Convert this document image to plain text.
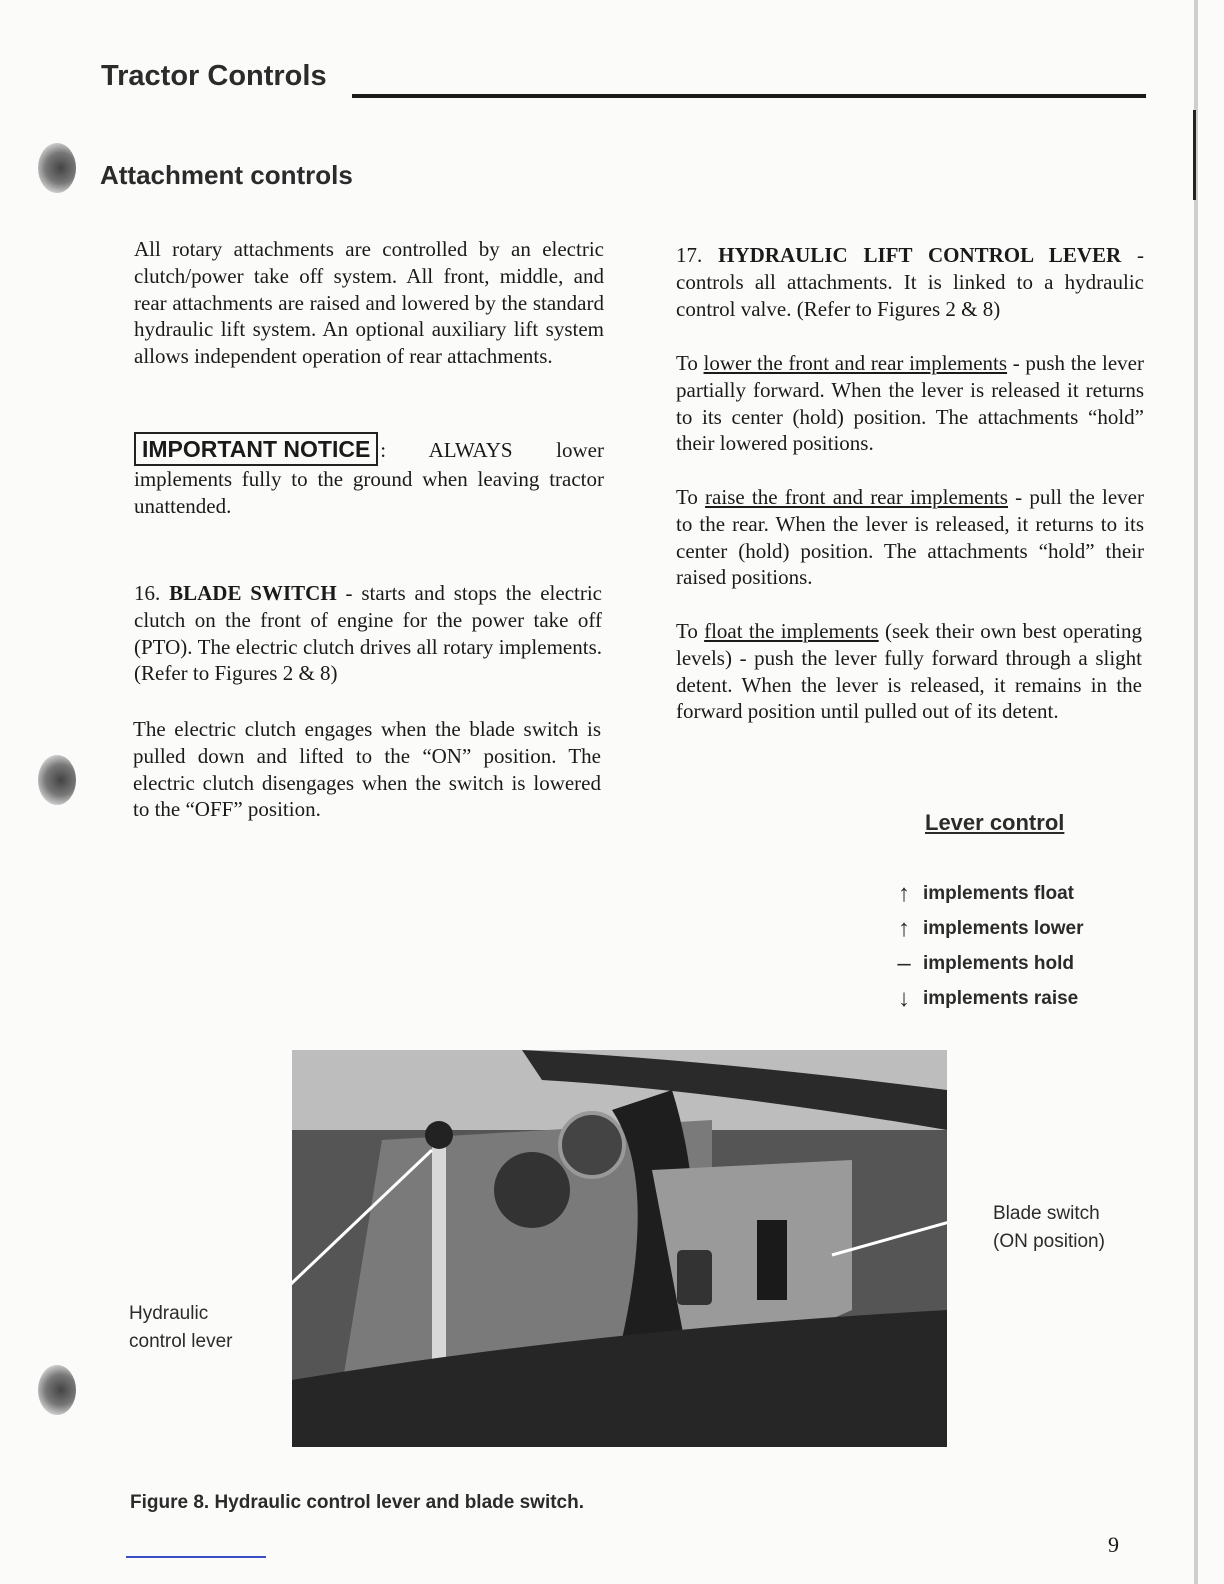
Tractor Controls
Attachment controls
All rotary attachments are controlled by an electric clutch/power take off system. All front, middle, and rear attachments are raised and lowered by the standard hydraulic lift system. An optional auxiliary lift system allows independent operation of rear attachments.
IMPORTANT NOTICE : ALWAYS lower implements fully to the ground when leaving tractor unattended.
16. BLADE SWITCH - starts and stops the electric clutch on the front of engine for the power take off (PTO). The electric clutch drives all rotary implements. (Refer to Figures 2 & 8)
The electric clutch engages when the blade switch is pulled down and lifted to the “ON” position. The electric clutch disengages when the switch is lowered to the “OFF” position.
17. HYDRAULIC LIFT CONTROL LEVER - controls all attachments. It is linked to a hydraulic control valve. (Refer to Figures 2 & 8)
To lower the front and rear implements - push the lever partially forward. When the lever is released it returns to its center (hold) position. The attachments “hold” their lowered positions.
To raise the front and rear implements - pull the lever to the rear. When the lever is released, it returns to its center (hold) position. The attachments “hold” their raised positions.
To float the implements (seek their own best operating levels) - push the lever fully forward through a slight detent. When the lever is released, it remains in the forward position until pulled out of its detent.
Lever control
↑ implements float
↑ implements lower
– implements hold
↓ implements raise
Hydraulic
control lever
Blade switch
(ON position)
Figure 8. Hydraulic control lever and blade switch.
9
